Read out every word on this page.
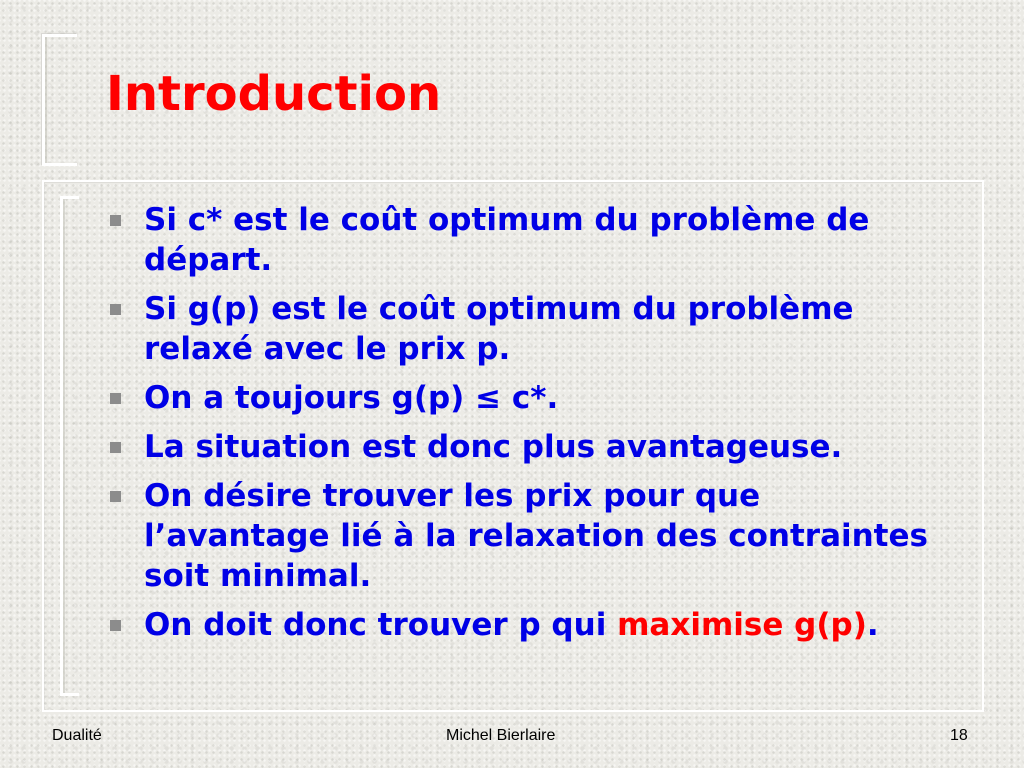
Introduction
Si c* est le coût optimum du problème de départ.
Si g(p) est le coût optimum du problème relaxé avec le prix p.
On a toujours g(p) ≤ c*.
La situation est donc plus avantageuse.
On désire trouver les prix pour que l’avantage lié à la relaxation des contraintes soit minimal.
On doit donc trouver p qui maximise g(p).
Dualité	Michel Bierlaire	18
